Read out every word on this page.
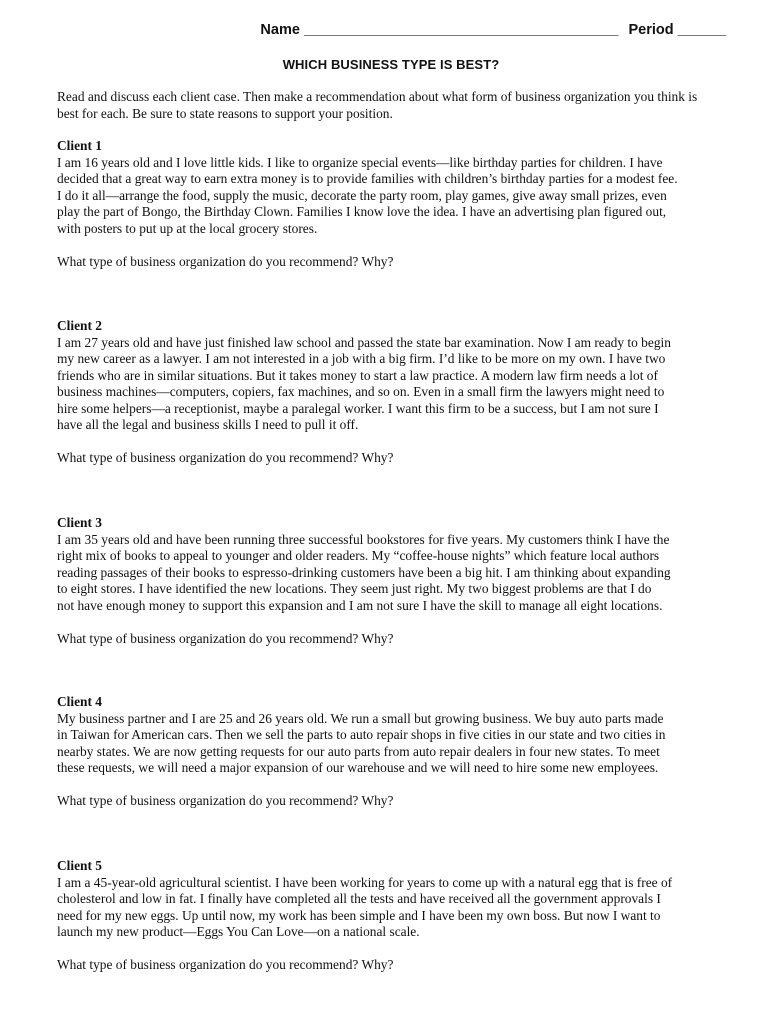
Name _______________________________________ Period ______
WHICH BUSINESS TYPE IS BEST?
Read and discuss each client case. Then make a recommendation about what form of business organization you think is
best for each. Be sure to state reasons to support your position.

Client 1

I am 16 years old and I love little kids. I like to organize special events—like birthday parties for children. I have
decided that a great way to earn extra money is to provide families with children’s birthday parties for a modest fee.
I do it all—arrange the food, supply the music, decorate the party room, play games, give away small prizes, even
play the part of Bongo, the Birthday Clown. Families I know love the idea. I have an advertising plan figured out,
with posters to put up at the local grocery stores.

What type of business organization do you recommend? Why?

Client 2

I am 27 years old and have just finished law school and passed the state bar examination. Now I am ready to begin
my new career as a lawyer. I am not interested in a job with a big firm. I’d like to be more on my own. I have two
friends who are in similar situations. But it takes money to start a law practice. A modern law firm needs a lot of
business machines—computers, copiers, fax machines, and so on. Even in a small firm the lawyers might need to
hire some helpers—a receptionist, maybe a paralegal worker. I want this firm to be a success, but I am not sure I
have all the legal and business skills I need to pull it off.

What type of business organization do you recommend? Why?

Client 3

I am 35 years old and have been running three successful bookstores for five years. My customers think I have the
right mix of books to appeal to younger and older readers. My “coffee-house nights” which feature local authors
reading passages of their books to espresso-drinking customers have been a big hit. I am thinking about expanding
to eight stores. I have identified the new locations. They seem just right. My two biggest problems are that I do
not have enough money to support this expansion and I am not sure I have the skill to manage all eight locations.

What type of business organization do you recommend? Why?

Client 4

My business partner and I are 25 and 26 years old. We run a small but growing business. We buy auto parts made
in Taiwan for American cars. Then we sell the parts to auto repair shops in five cities in our state and two cities in
nearby states. We are now getting requests for our auto parts from auto repair dealers in four new states. To meet
these requests, we will need a major expansion of our warehouse and we will need to hire some new employees.

What type of business organization do you recommend? Why?

Client 5

I am a 45-year-old agricultural scientist. I have been working for years to come up with a natural egg that is free of
cholesterol and low in fat. I finally have completed all the tests and have received all the government approvals I
need for my new eggs. Up until now, my work has been simple and I have been my own boss. But now I want to
launch my new product—Eggs You Can Love—on a national scale.

What type of business organization do you recommend? Why?
